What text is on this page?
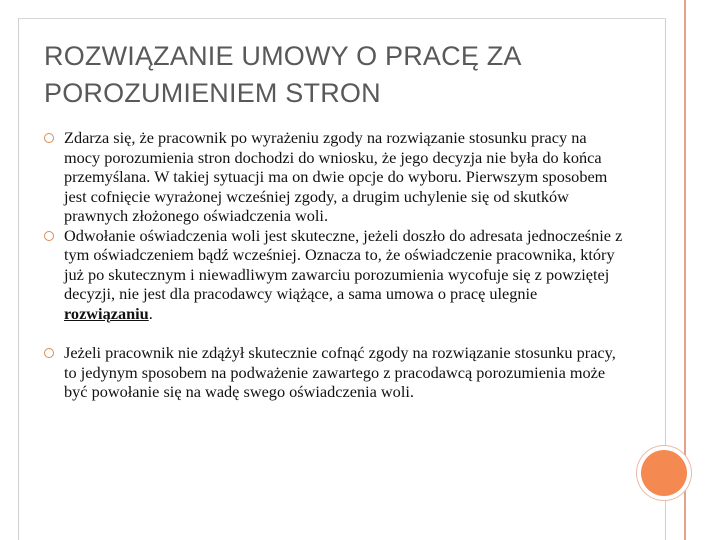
ROZWIĄZANIE UMOWY O PRACĘ ZA POROZUMIENIEM STRON
Zdarza się, że pracownik po wyrażeniu zgody na rozwiązanie stosunku pracy na mocy porozumienia stron dochodzi do wniosku, że jego decyzja nie była do końca przemyślana. W takiej sytuacji ma on dwie opcje do wyboru. Pierwszym sposobem jest cofnięcie wyrażonej wcześniej zgody, a drugim uchylenie się od skutków prawnych złożonego oświadczenia woli.
Odwołanie oświadczenia woli jest skuteczne, jeżeli doszło do adresata jednocześnie z tym oświadczeniem bądź wcześniej. Oznacza to, że oświadczenie pracownika, który już po skutecznym i niewadliwym zawarciu porozumienia wycofuje się z powziętej decyzji, nie jest dla pracodawcy wiążące, a sama umowa o pracę ulegnie rozwiązaniu.
Jeżeli pracownik nie zdążył skutecznie cofnąć zgody na rozwiązanie stosunku pracy, to jedynym sposobem na podważenie zawartego z pracodawcą porozumienia może być powołanie się na wadę swego oświadczenia woli.
